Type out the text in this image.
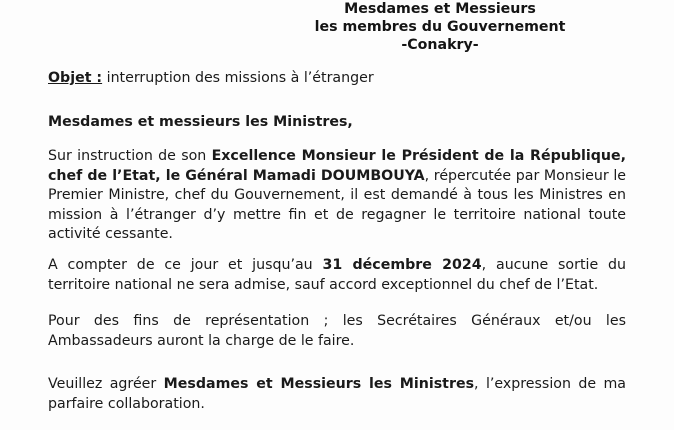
Mesdames et Messieurs
les membres du Gouvernement
-Conakry-
Objet : interruption des missions à l’étranger
Mesdames et messieurs les Ministres,
Sur instruction de son Excellence Monsieur le Président de la République, chef de l’Etat, le Général Mamadi DOUMBOUYA, répercutée par Monsieur le Premier Ministre, chef du Gouvernement, il est demandé à tous les Ministres en mission à l’étranger d’y mettre fin et de regagner le territoire national toute activité cessante.
A compter de ce jour et jusqu’au 31 décembre 2024, aucune sortie du territoire national ne sera admise, sauf accord exceptionnel du chef de l’Etat.
Pour des fins de représentation ; les Secrétaires Généraux et/ou les Ambassadeurs auront la charge de le faire.
Veuillez agréer Mesdames et Messieurs les Ministres, l’expression de ma parfaire collaboration.
